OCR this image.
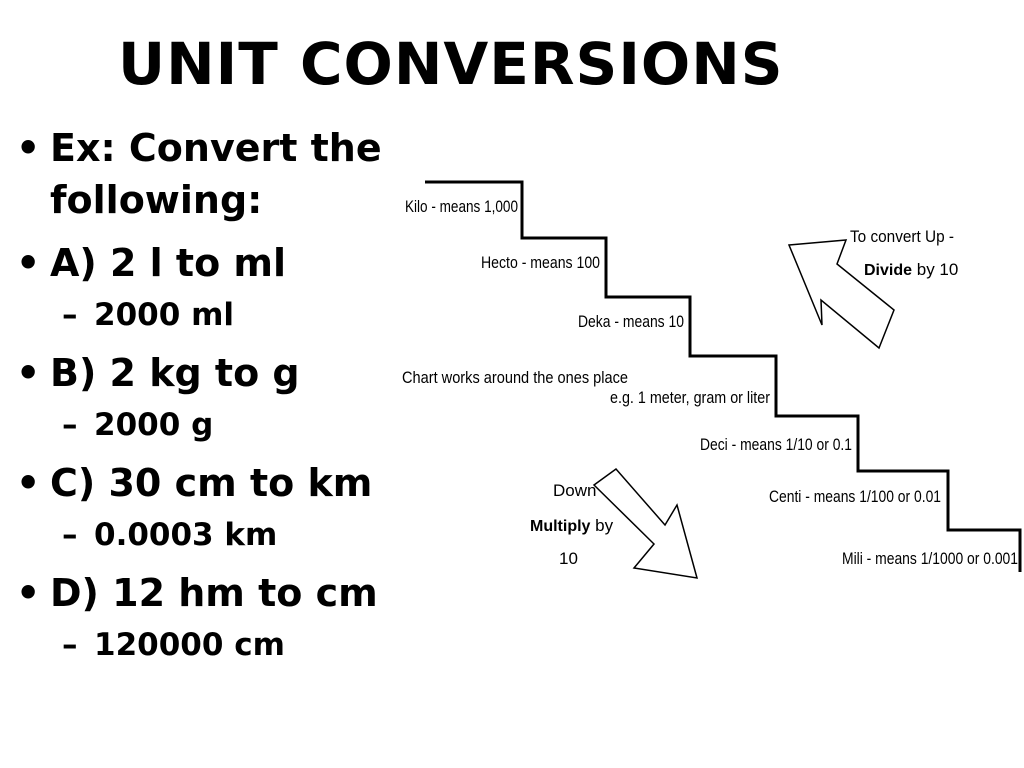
UNIT CONVERSIONS
• Ex: Convert the following:
• A) 2 l to ml
– 2000 ml
• B) 2 kg to g
– 2000 g
• C) 30 cm to km
– 0.0003 km
• D) 12 hm to cm
– 120000 cm
Kilo - means 1,000
Hecto - means 100
Deka - means 10
Chart works around the ones place
e.g. 1 meter, gram or liter
Deci - means 1/10 or 0.1
Centi - means 1/100 or 0.01
Mili - means 1/1000 or 0.001
To convert Up -
Divide by 10
Down
Multiply by
10
